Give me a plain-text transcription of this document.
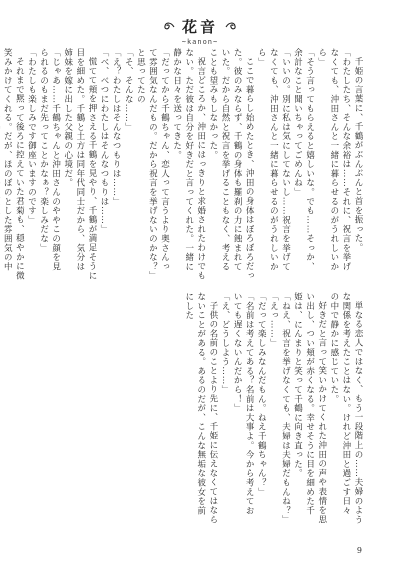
花音
~kanon~

千姫の言葉に、千鶴がぶんぶんと首を振った。

「わたしたち、そんな余裕は……それに、祝言を挙げなくても、沖田さんと一緒に暮らせるのがうれしいから」

「そう言ってもらえると嬉しいな。でも……そっか、余計なこと聞いちゃってごめんね」

「いいの。別に私は気にしてないし……祝言を挙げてなくても、沖田さんと一緒に暮らせるのがうれしいから」

ここで暮らし始めたとき、沖田の身体はぼろぼろだった。彼のみならず、千鶴の身体も羅刹の力に蝕まれていた。だから自然と祝言を挙げることもなく、考えることも望みもしなかった。

祝言どころか、沖田にはっきりと求婚されたわけでもない。ただ彼は自分を好きだと言ってくれた。一緒に静かな日々を送ってきた。

「だってから千鶴ちゃん、恋人って言うより奥さんって雰囲気なんだもの。だから祝言を挙げないのかな？」と思ってたの

「そ、そんな……」

「え？わたしはそんなつもりは……」

「べ、べつにわたしはそんなつもりは……」

慌てて頬を押さえる千鶴を見やり、千鶴が満足そうに目を細めた。千鶴と土方は同年代同士だから、気分は姉妹を嫁に出した父親の心境だ。

「じゃあ……千鶴ちゃんと沖田さんのややこの顔を見られるのもまだ先ってことかなぁ？楽しみだな」

「わたしも楽しみです御座いますのです」

それまで黙って後ろに控えていた君菊も、穏やかに微笑みかけてくれる。だが、ほのぼのとした雰囲気の中

単なる恋人ではなく、もう一段階上の……夫婦のような関係を考えたことはない。けれど沖田と過ごす日々の中で静かに感じていた。

好きだと言って笑いかけてくれた沖田の声や表情を思い出し、つい頬が赤くなる。幸せそうに目を細めた千姫は、にんまりと笑って千鶴に向き直った。

「ねえ、祝言を挙げなくても、夫婦は夫婦だもんね？」

「えっ……」

「だって楽しみなんだもん。ねえ千鶴ちゃん？」

「名前は考えてある？名前は大事よ。今から考えておいても遅くないんだから！」

「え、どうしよう……」

子供の名前のことより先に、千姫に伝えなくてはならないことがある。あるのだが、こんな無垢な彼女を前にした

9
